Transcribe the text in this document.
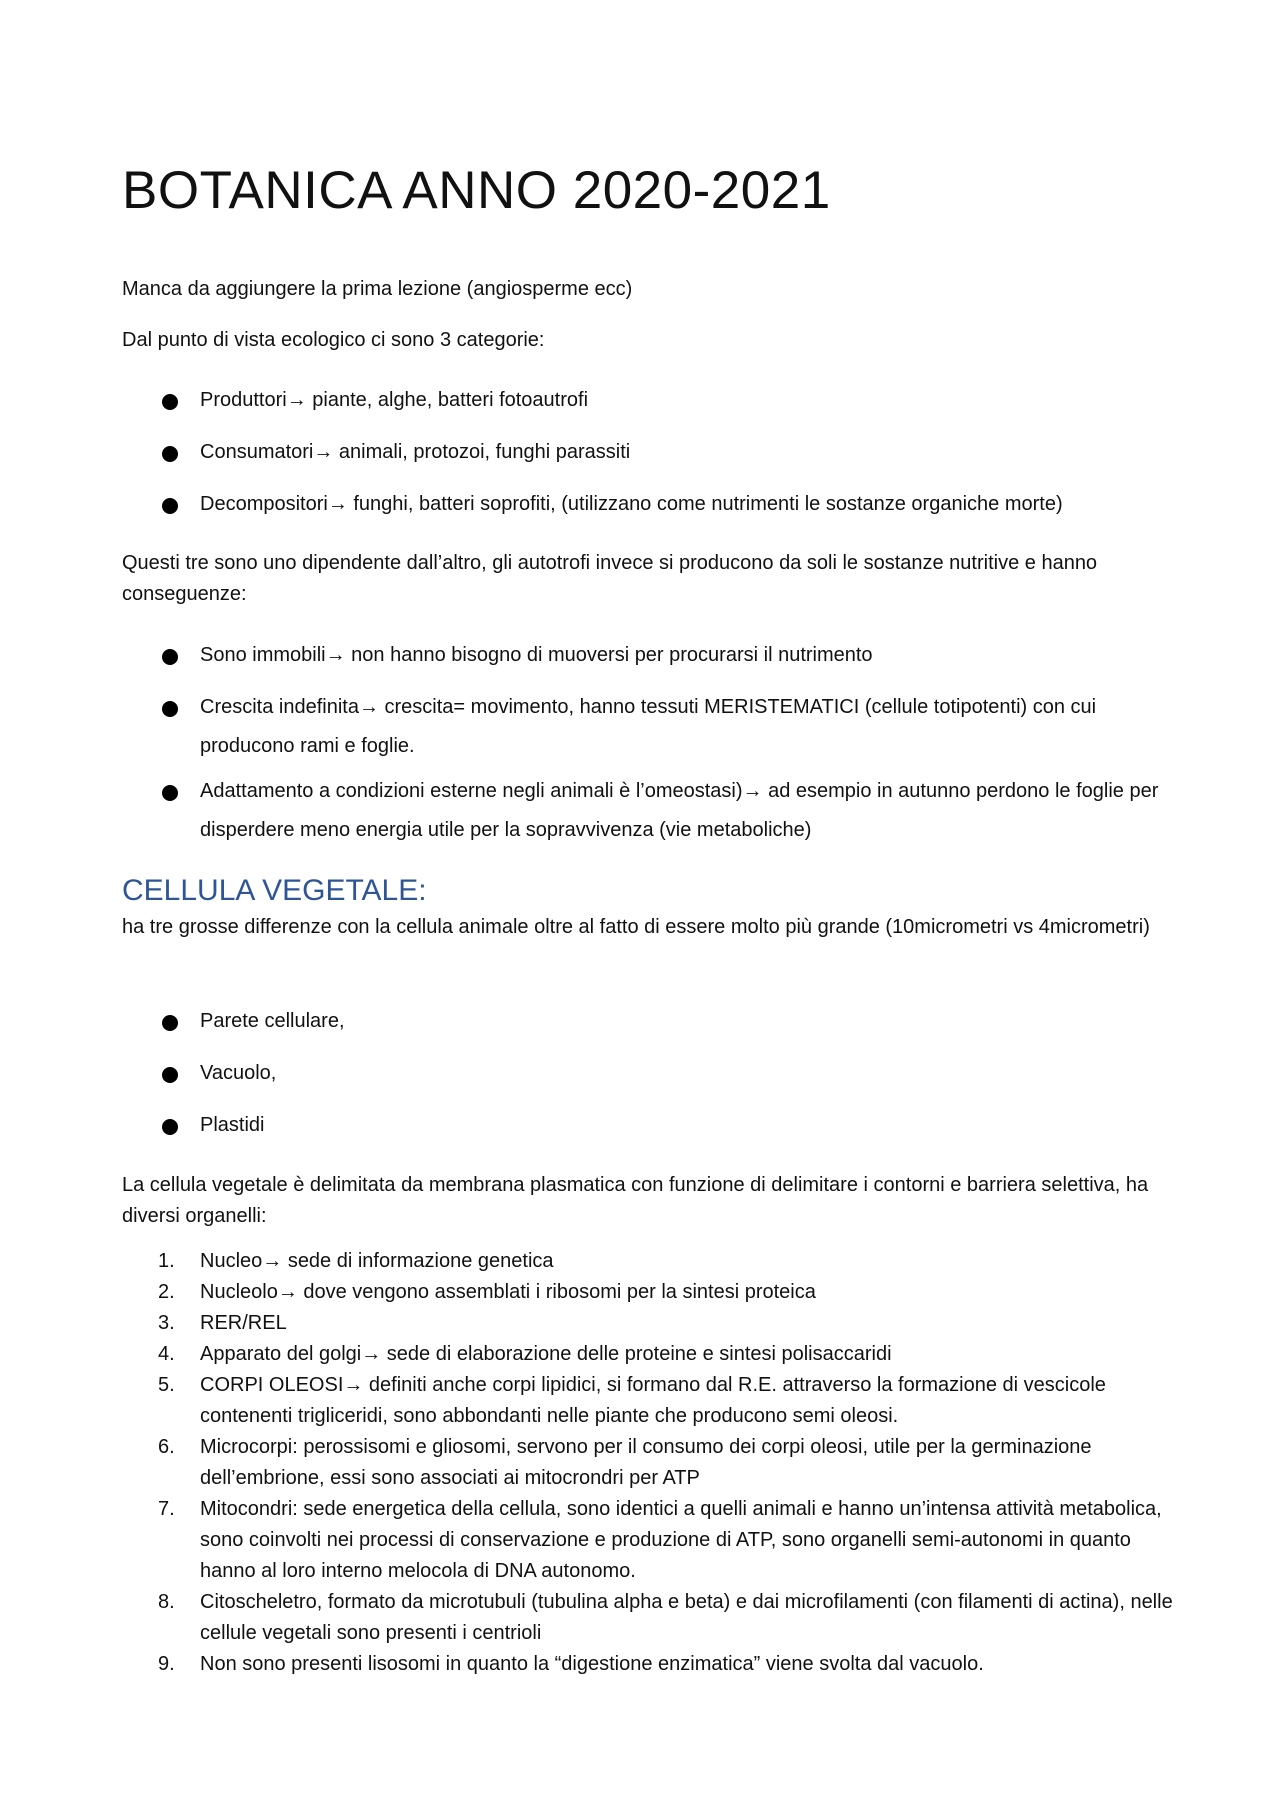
BOTANICA ANNO 2020-2021

Manca da aggiungere la prima lezione (angiosperme ecc)

Dal punto di vista ecologico ci sono 3 categorie:

Produttori→ piante, alghe, batteri fotoautrofi
Consumatori→ animali, protozoi, funghi parassiti
Decompositori→ funghi, batteri soprofiti, (utilizzano come nutrimenti le sostanze organiche morte)

Questi tre sono uno dipendente dall’altro, gli autotrofi invece si producono da soli le sostanze nutritive e hanno conseguenze:

Sono immobili→ non hanno bisogno di muoversi per procurarsi il nutrimento
Crescita indefinita→ crescita= movimento, hanno tessuti MERISTEMATICI (cellule totipotenti) con cui producono rami e foglie.
Adattamento a condizioni esterne negli animali è l’omeostasi)→ ad esempio in autunno perdono le foglie per disperdere meno energia utile per la sopravvivenza (vie metaboliche)
CELLULA VEGETALE:

ha tre grosse differenze con la cellula animale oltre al fatto di essere molto più grande (10micrometri vs 4micrometri)

Parete cellulare,
Vacuolo,
Plastidi

La cellula vegetale è delimitata da membrana plasmatica con funzione di delimitare i contorni e barriera selettiva, ha diversi organelli:

1. Nucleo→ sede di informazione genetica
2. Nucleolo→ dove vengono assemblati i ribosomi per la sintesi proteica
3. RER/REL
4. Apparato del golgi→ sede di elaborazione delle proteine e sintesi polisaccaridi
5. CORPI OLEOSI→ definiti anche corpi lipidici, si formano dal R.E. attraverso la formazione di vescicole contenenti trigliceridi, sono abbondanti nelle piante che producono semi oleosi.
6. Microcorpi: perossisomi e gliosomi, servono per il consumo dei corpi oleosi, utile per la germinazione dell’embrione, essi sono associati ai mitocrondri per ATP
7. Mitocondri: sede energetica della cellula, sono identici a quelli animali e hanno un’intensa attività metabolica, sono coinvolti nei processi di conservazione e produzione di ATP, sono organelli semi-autonomi in quanto hanno al loro interno melocola di DNA autonomo.
8. Citoscheletro, formato da microtubuli (tubulina alpha e beta) e dai microfilamenti (con filamenti di actina), nelle cellule vegetali sono presenti i centrioli
9. Non sono presenti lisosomi in quanto la “digestione enzimatica” viene svolta dal vacuolo.
